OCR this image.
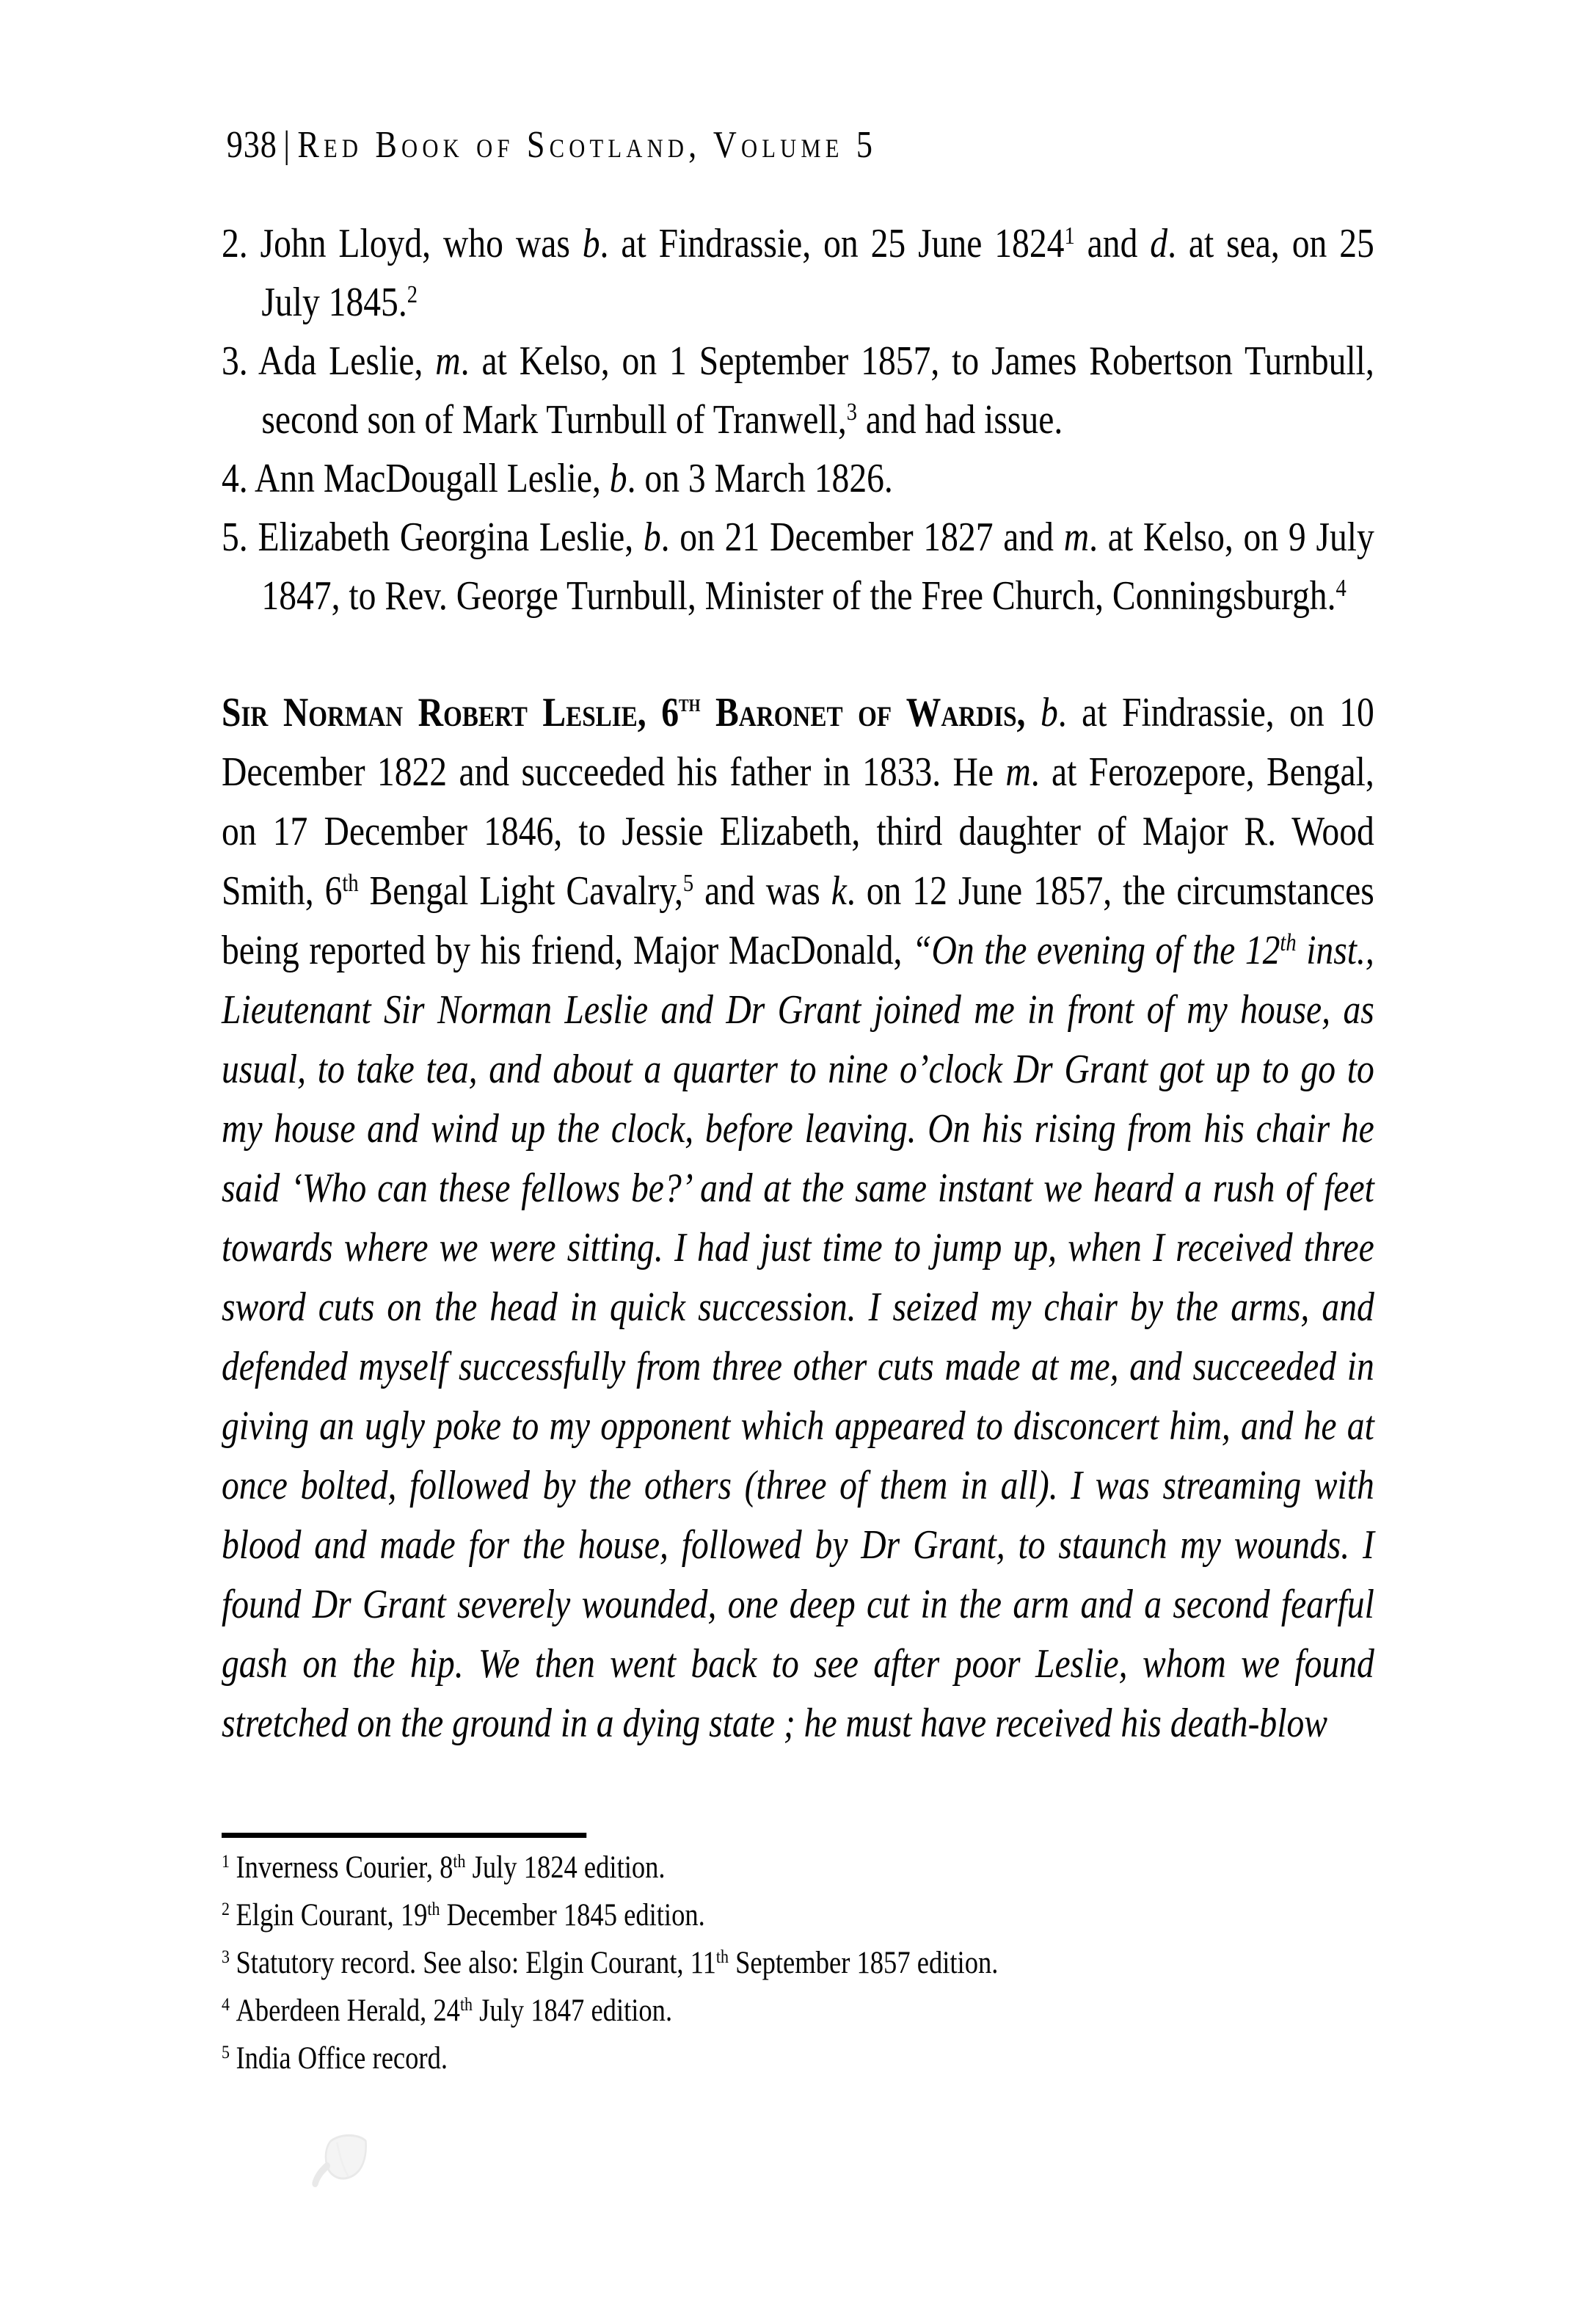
938 | Red Book of Scotland, Volume 5
2. John Lloyd, who was b. at Findrassie, on 25 June 1824$^1$ and d. at sea, on 25 July 1845.$^2$
3. Ada Leslie, m. at Kelso, on 1 September 1857, to James Robertson Turnbull, second son of Mark Turnbull of Tranwell,$^3$ and had issue.
4. Ann MacDougall Leslie, b. on 3 March 1826.
5. Elizabeth Georgina Leslie, b. on 21 December 1827 and m. at Kelso, on 9 July 1847, to Rev. George Turnbull, Minister of the Free Church, Conningsburgh.$^4$
Sir Norman Robert Leslie, 6th Baronet of Wardis, b. at Findrassie, on 10 December 1822 and succeeded his father in 1833. He m. at Ferozepore, Bengal, on 17 December 1846, to Jessie Elizabeth, third daughter of Major R. Wood Smith, 6th Bengal Light Cavalry,$^5$ and was k. on 12 June 1857, the circumstances being reported by his friend, Major MacDonald, “On the evening of the 12th inst., Lieutenant Sir Norman Leslie and Dr Grant joined me in front of my house, as usual, to take tea, and about a quarter to nine o’clock Dr Grant got up to go to my house and wind up the clock, before leaving. On his rising from his chair he said ‘Who can these fellows be?’ and at the same instant we heard a rush of feet towards where we were sitting. I had just time to jump up, when I received three sword cuts on the head in quick succession. I seized my chair by the arms, and defended myself successfully from three other cuts made at me, and succeeded in giving an ugly poke to my opponent which appeared to disconcert him, and he at once bolted, followed by the others (three of them in all). I was streaming with blood and made for the house, followed by Dr Grant, to staunch my wounds. I found Dr Grant severely wounded, one deep cut in the arm and a second fearful gash on the hip. We then went back to see after poor Leslie, whom we found stretched on the ground in a dying state ; he must have received his death-blow
$^1$ Inverness Courier, 8th July 1824 edition.
$^2$ Elgin Courant, 19th December 1845 edition.
$^3$ Statutory record. See also: Elgin Courant, 11th September 1857 edition.
$^4$ Aberdeen Herald, 24th July 1847 edition.
$^5$ India Office record.
